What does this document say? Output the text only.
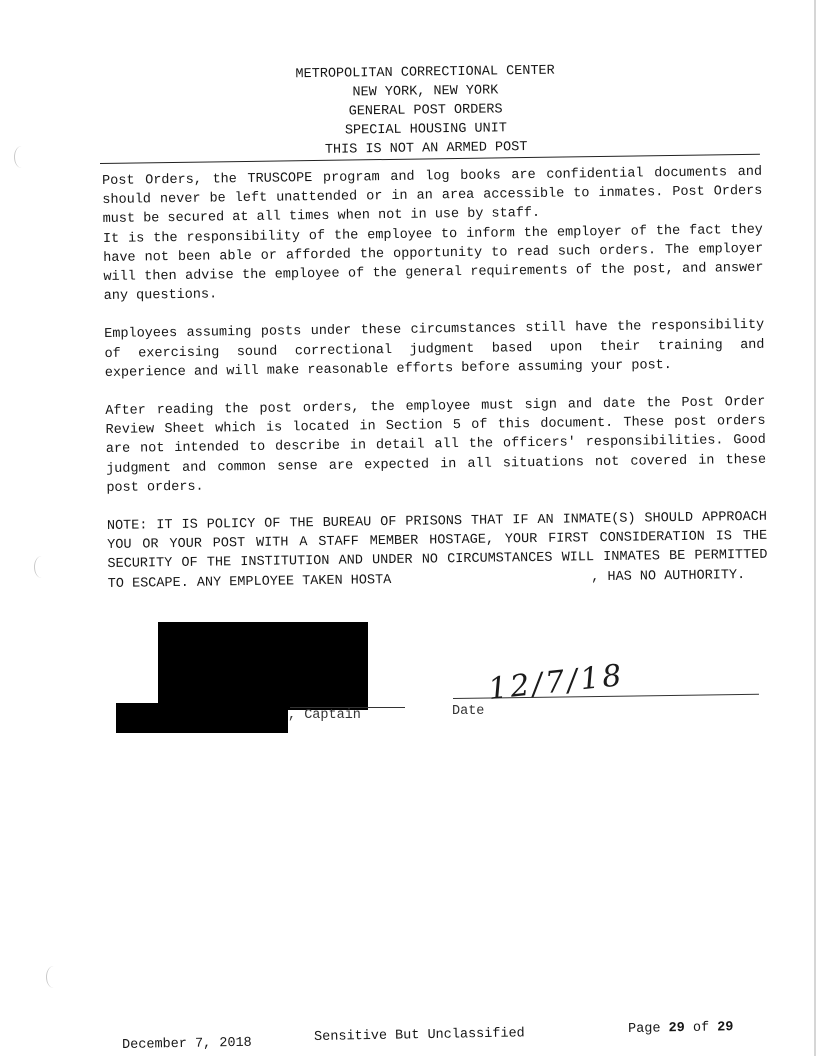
METROPOLITAN CORRECTIONAL CENTER
NEW YORK, NEW YORK
GENERAL POST ORDERS
SPECIAL HOUSING UNIT
THIS IS NOT AN ARMED POST

Post Orders, the TRUSCOPE program and log books are confidential documents and should never be left unattended or in an area accessible to inmates. Post Orders must be secured at all times when not in use by staff.

It is the responsibility of the employee to inform the employer of the fact they have not been able or afforded the opportunity to read such orders. The employer will then advise the employee of the general requirements of the post, and answer any questions.

Employees assuming posts under these circumstances still have the responsibility of exercising sound correctional judgment based upon their training and experience and will make reasonable efforts before assuming your post.

After reading the post orders, the employee must sign and date the Post Order Review Sheet which is located in Section 5 of this document. These post orders are not intended to describe in detail all the officers' responsibilities. Good judgment and common sense are expected in all situations not covered in these post orders.

NOTE: IT IS POLICY OF THE BUREAU OF PRISONS THAT IF AN INMATE(S) SHOULD APPROACH YOU OR YOUR POST WITH A STAFF MEMBER HOSTAGE, YOUR FIRST CONSIDERATION IS THE SECURITY OF THE INSTITUTION AND UNDER NO CIRCUMSTANCES WILL INMATES BE PERMITTED TO ESCAPE. ANY EMPLOYEE TAKEN HOSTA	, HAS NO AUTHORITY.

, Captain	Date
12/7/18
December 7, 2018	Sensitive But Unclassified	Page 29 of 29
